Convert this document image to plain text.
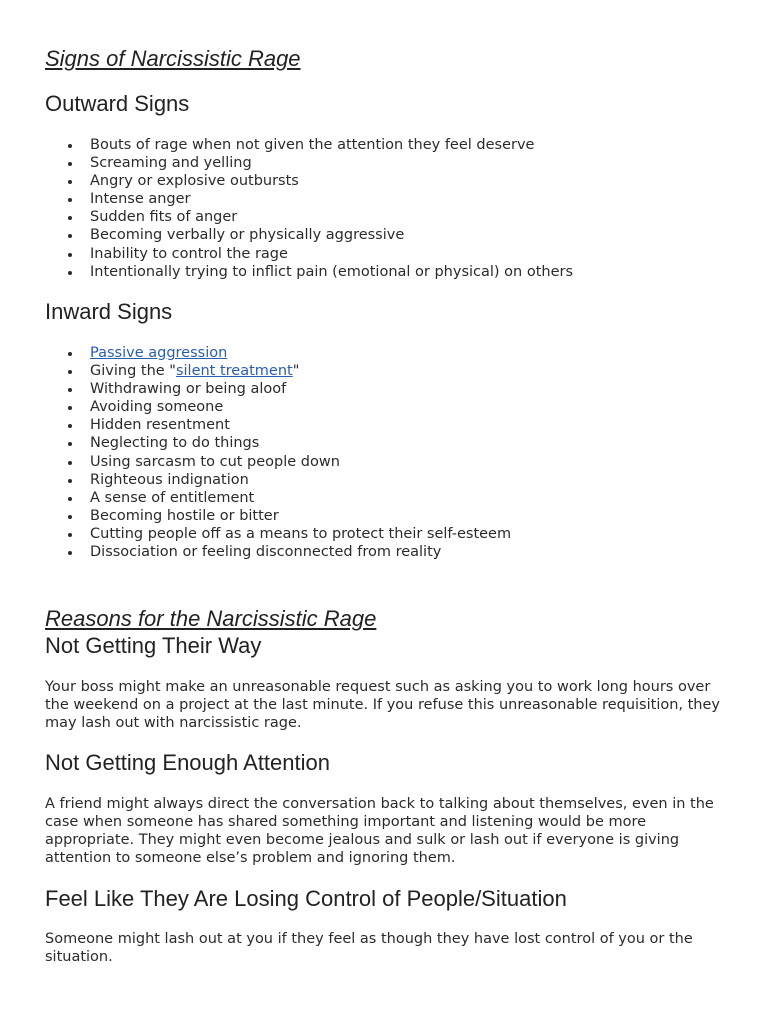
Signs of Narcissistic Rage
Outward Signs
Bouts of rage when not given the attention they feel deserve
Screaming and yelling
Angry or explosive outbursts
Intense anger
Sudden fits of anger
Becoming verbally or physically aggressive
Inability to control the rage
Intentionally trying to inflict pain (emotional or physical) on others
Inward Signs
Passive aggression
Giving the "silent treatment"
Withdrawing or being aloof
Avoiding someone
Hidden resentment
Neglecting to do things
Using sarcasm to cut people down
Righteous indignation
A sense of entitlement
Becoming hostile or bitter
Cutting people off as a means to protect their self-esteem
Dissociation or feeling disconnected from reality
Reasons for the Narcissistic Rage
Not Getting Their Way

Your boss might make an unreasonable request such as asking you to work long hours over the weekend on a project at the last minute. If you refuse this unreasonable requisition, they may lash out with narcissistic rage.

Not Getting Enough Attention

A friend might always direct the conversation back to talking about themselves, even in the case when someone has shared something important and listening would be more appropriate. They might even become jealous and sulk or lash out if everyone is giving attention to someone else’s problem and ignoring them.

Feel Like They Are Losing Control of People/Situation

Someone might lash out at you if they feel as though they have lost control of you or the situation.
